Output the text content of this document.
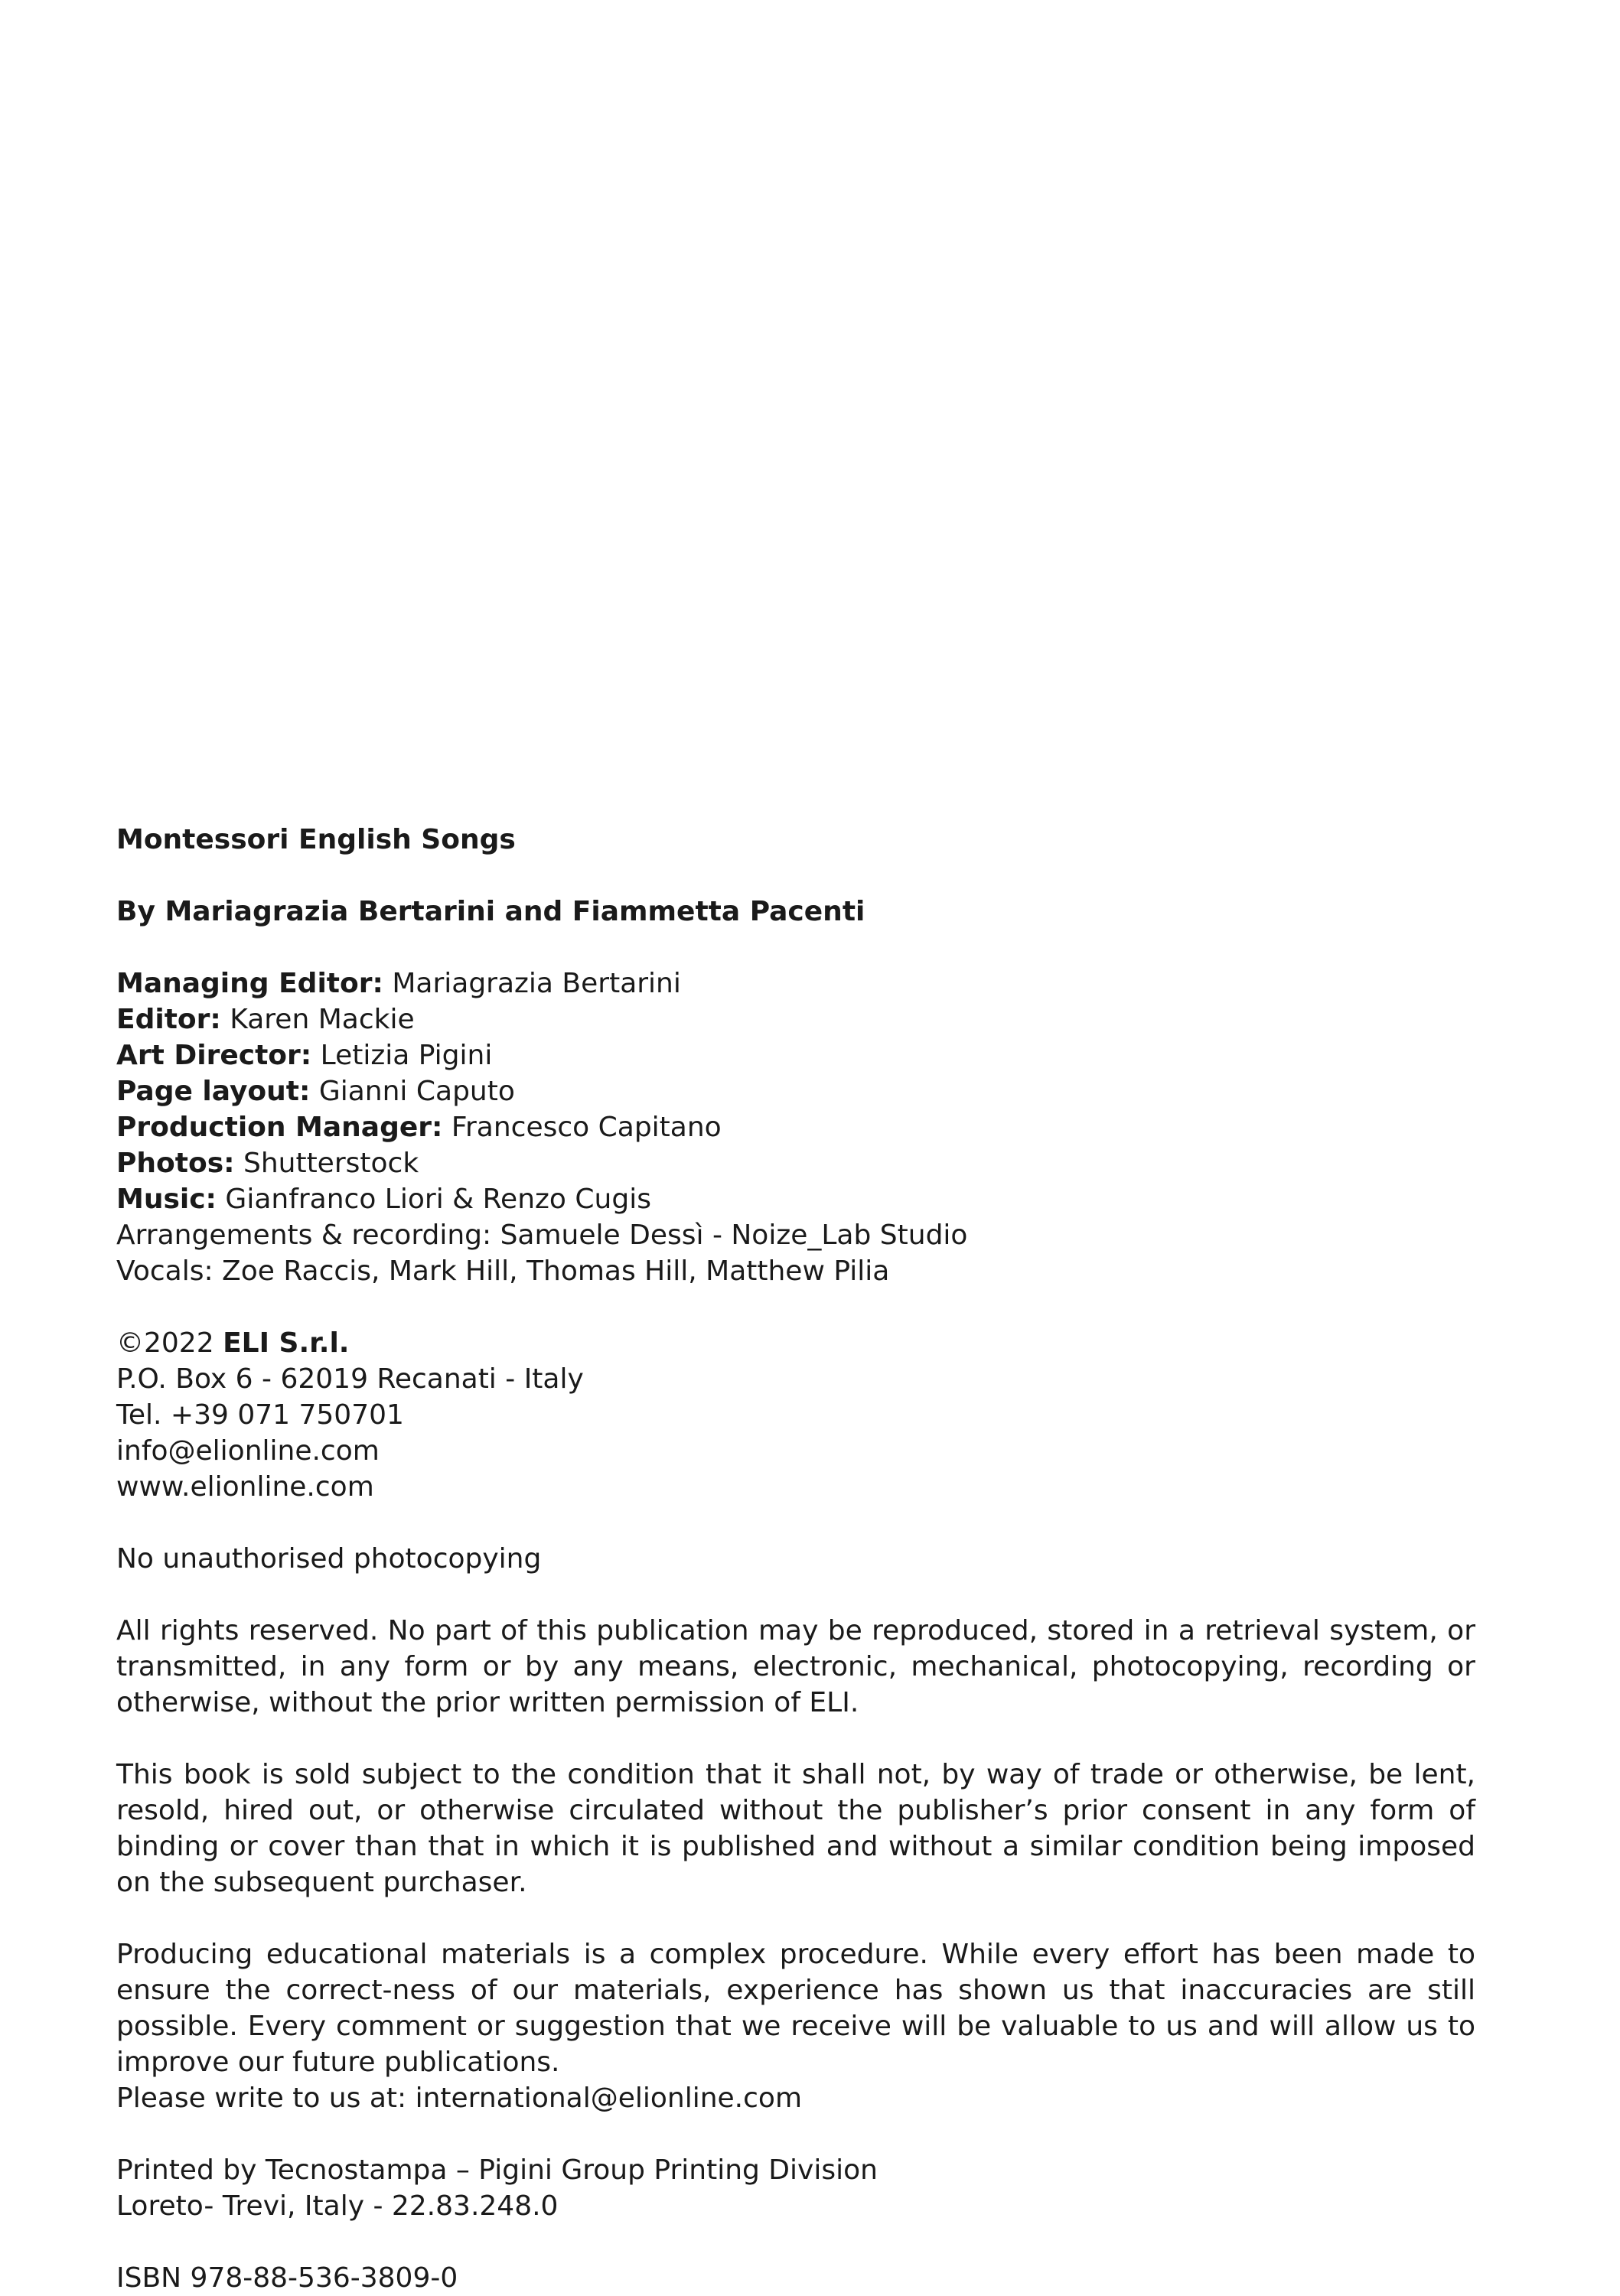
Montessori English Songs
By Mariagrazia Bertarini and Fiammetta Pacenti
Managing Editor: Mariagrazia Bertarini
Editor: Karen Mackie
Art Director: Letizia Pigini
Page layout: Gianni Caputo
Production Manager: Francesco Capitano
Photos: Shutterstock
Music: Gianfranco Liori & Renzo Cugis
Arrangements & recording: Samuele Dessì - Noize_Lab Studio
Vocals: Zoe Raccis, Mark Hill, Thomas Hill, Matthew Pilia
©2022 ELI S.r.l.
P.O. Box 6 - 62019 Recanati - Italy
Tel. +39 071 750701
info@elionline.com
www.elionline.com
No unauthorised photocopying
All rights reserved. No part of this publication may be reproduced, stored in a retrieval system, or transmitted, in any form or by any means, electronic, mechanical, photocopying, recording or otherwise, without the prior written permission of ELI.
This book is sold subject to the condition that it shall not, by way of trade or otherwise, be lent, resold, hired out, or otherwise circulated without the publisher’s prior consent in any form of binding or cover than that in which it is published and without a similar condition being imposed on the subsequent purchaser.
Producing educational materials is a complex procedure. While every effort has been made to ensure the correct-ness of our materials, experience has shown us that inaccuracies are still possible. Every comment or suggestion that we receive will be valuable to us and will allow us to improve our future publications.
Please write to us at: international@elionline.com
Printed by Tecnostampa – Pigini Group Printing Division
Loreto- Trevi, Italy - 22.83.248.0
ISBN 978-88-536-3809-0
